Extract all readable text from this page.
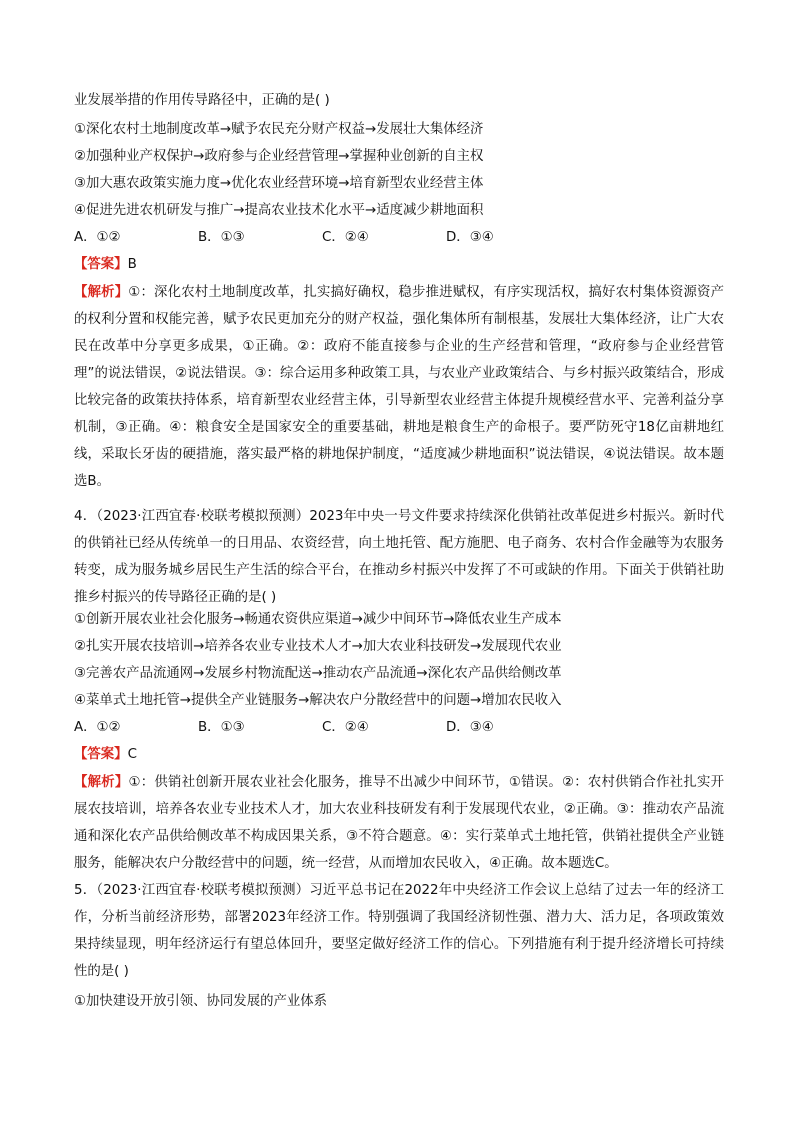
业发展举措的作用传导路径中，正确的是( )
①深化农村土地制度改革→赋予农民充分财产权益→发展壮大集体经济
②加强种业产权保护→政府参与企业经营管理→掌握种业创新的自主权
③加大惠农政策实施力度→优化农业经营环境→培育新型农业经营主体
④促进先进农机研发与推广→提高农业技术化水平→适度减少耕地面积
A．①②	B．①③	C．②④	D．③④
【答案】B
【解析】①：深化农村土地制度改革，扎实搞好确权，稳步推进赋权，有序实现活权，搞好农村集体资源资产的权利分置和权能完善，赋予农民更加充分的财产权益，强化集体所有制根基，发展壮大集体经济，让广大农民在改革中分享更多成果，①正确。②：政府不能直接参与企业的生产经营和管理，“政府参与企业经营管理”的说法错误，②说法错误。③：综合运用多种政策工具，与农业产业政策结合、与乡村振兴政策结合，形成比较完备的政策扶持体系，培育新型农业经营主体，引导新型农业经营主体提升规模经营水平、完善利益分享机制，③正确。④：粮食安全是国家安全的重要基础，耕地是粮食生产的命根子。要严防死守18亿亩耕地红线，采取长牙齿的硬措施，落实最严格的耕地保护制度，“适度减少耕地面积”说法错误，④说法错误。故本题选B。
4．（2023·江西宜春·校联考模拟预测）2023年中央一号文件要求持续深化供销社改革促进乡村振兴。新时代的供销社已经从传统单一的日用品、农资经营，向土地托管、配方施肥、电子商务、农村合作金融等为农服务转变，成为服务城乡居民生产生活的综合平台，在推动乡村振兴中发挥了不可或缺的作用。下面关于供销社助推乡村振兴的传导路径正确的是( )
①创新开展农业社会化服务→畅通农资供应渠道→减少中间环节→降低农业生产成本
②扎实开展农技培训→培养各农业专业技术人才→加大农业科技研发→发展现代农业
③完善农产品流通网→发展乡村物流配送→推动农产品流通→深化农产品供给侧改革
④菜单式土地托管→提供全产业链服务→解决农户分散经营中的问题→增加农民收入
A．①②	B．①③	C．②④	D．③④
【答案】C
【解析】①：供销社创新开展农业社会化服务，推导不出减少中间环节，①错误。②：农村供销合作社扎实开展农技培训，培养各农业专业技术人才，加大农业科技研发有利于发展现代农业，②正确。③：推动农产品流通和深化农产品供给侧改革不构成因果关系，③不符合题意。④：实行菜单式土地托管，供销社提供全产业链服务，能解决农户分散经营中的问题，统一经营，从而增加农民收入，④正确。故本题选C。
5．（2023·江西宜春·校联考模拟预测）习近平总书记在2022年中央经济工作会议上总结了过去一年的经济工作，分析当前经济形势，部署2023年经济工作。特别强调了我国经济韧性强、潜力大、活力足，各项政策效果持续显现，明年经济运行有望总体回升，要坚定做好经济工作的信心。下列措施有利于提升经济增长可持续性的是( )
①加快建设开放引领、协同发展的产业体系
